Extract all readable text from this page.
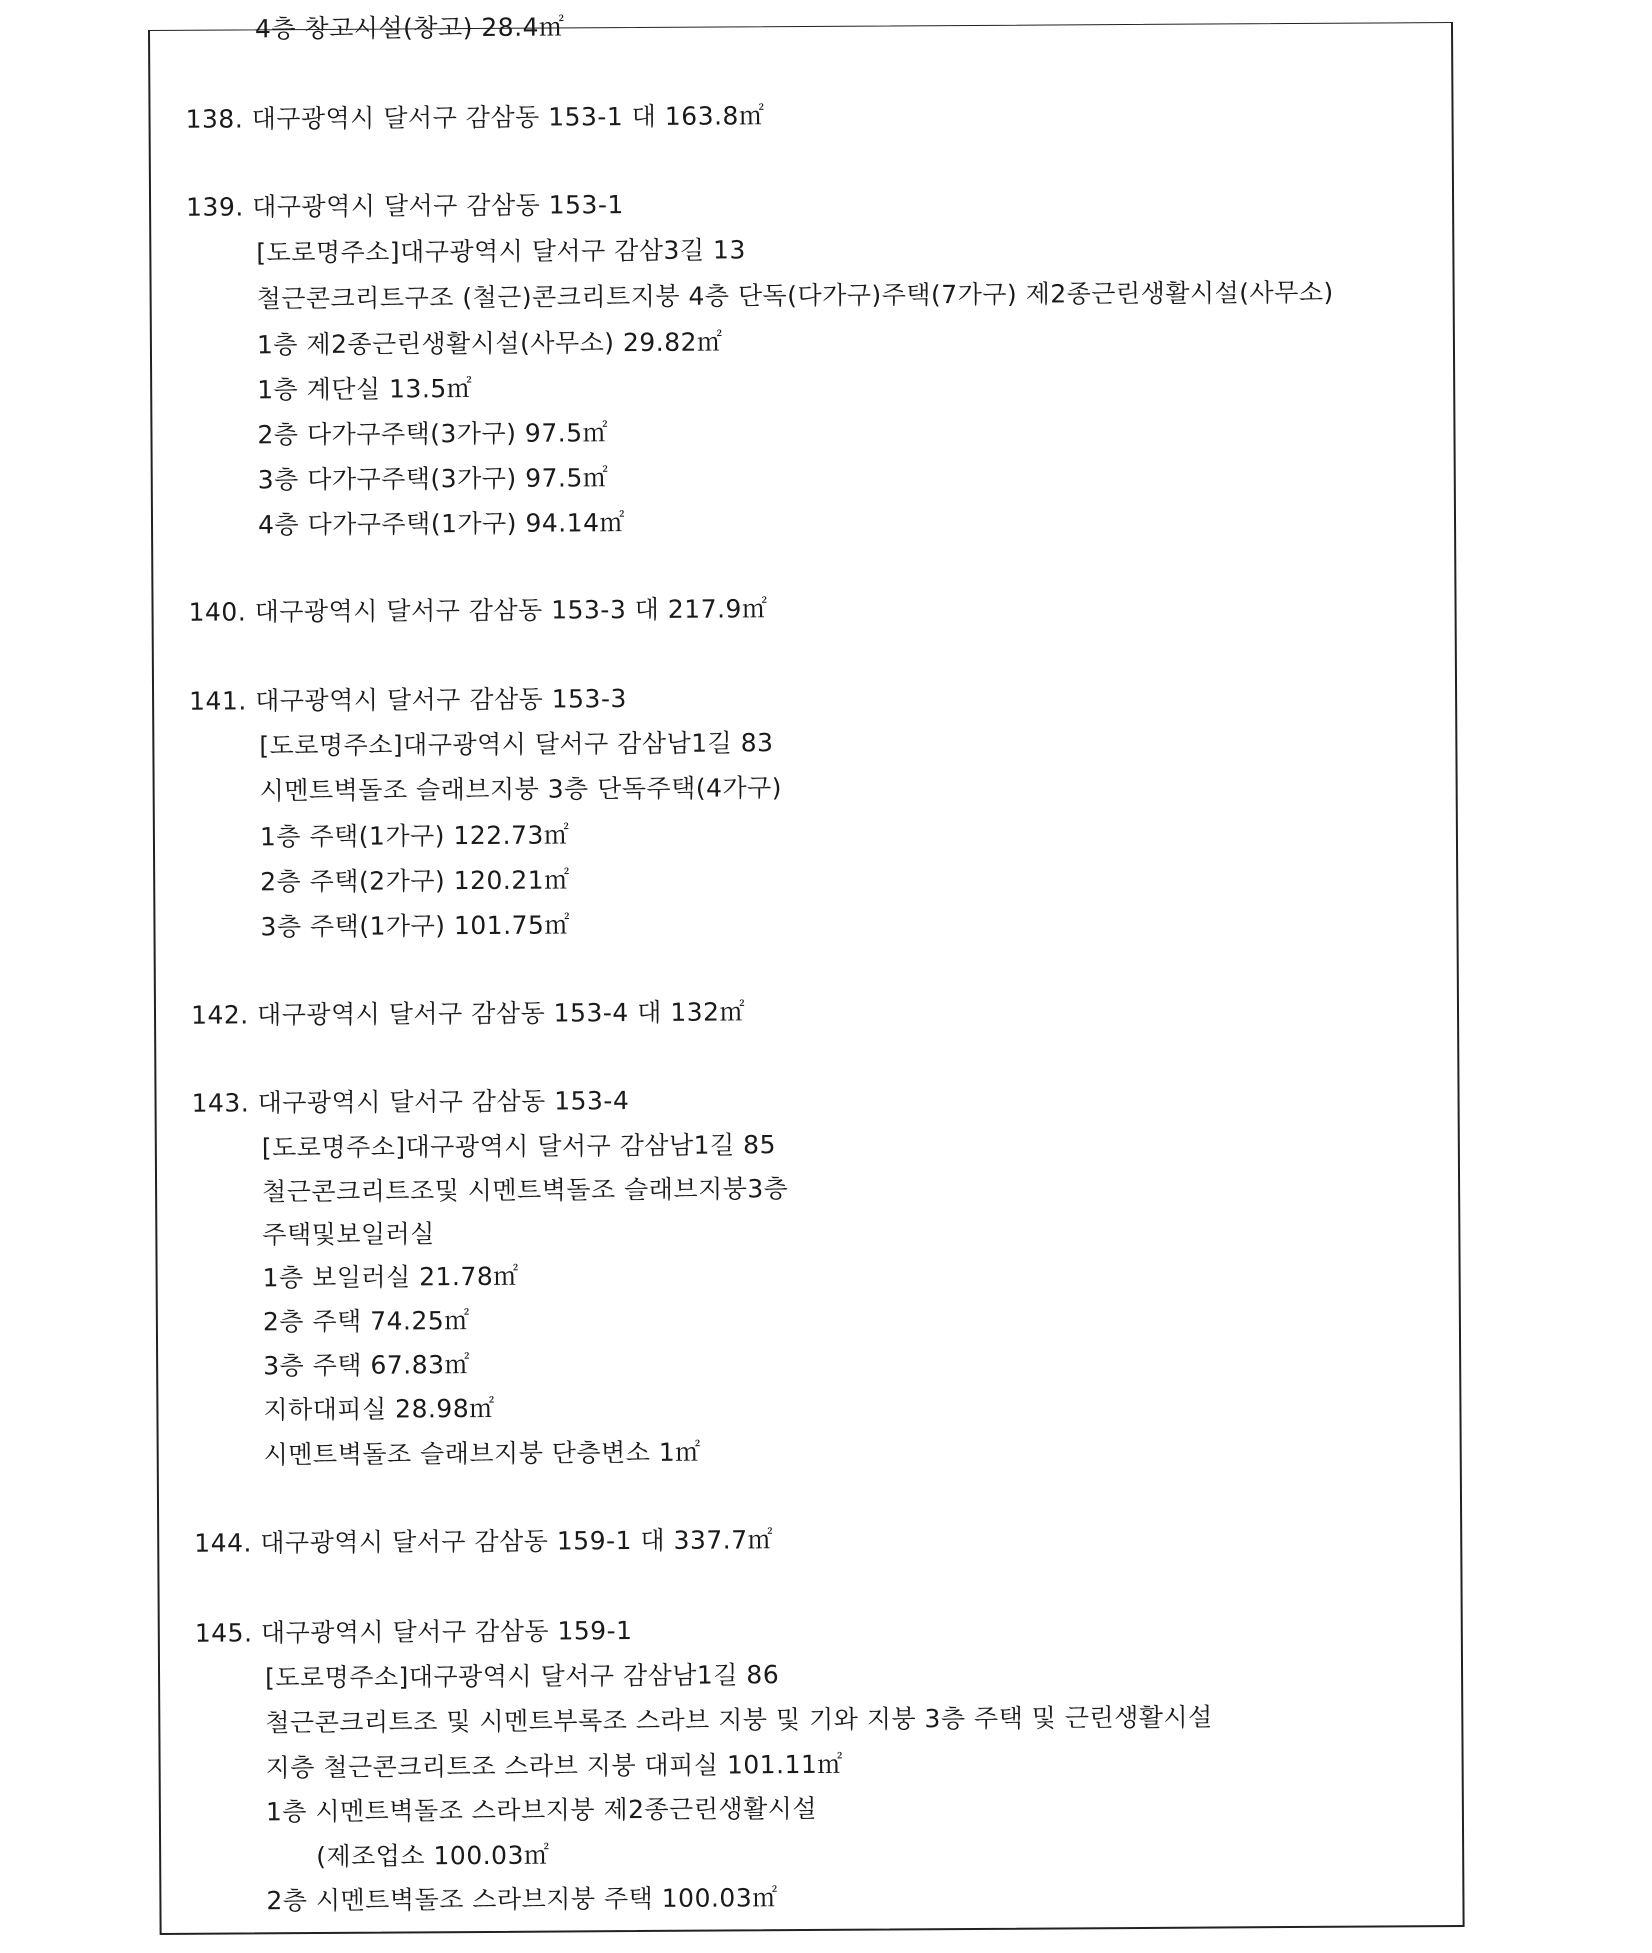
4층 창고시설(창고) 28.4㎡
138. 대구광역시 달서구 감삼동 153-1 대 163.8㎡
139. 대구광역시 달서구 감삼동 153-1
[도로명주소]대구광역시 달서구 감삼3길 13
철근콘크리트구조 (철근)콘크리트지붕 4층 단독(다가구)주택(7가구) 제2종근린생활시설(사무소)
1층 제2종근린생활시설(사무소) 29.82㎡
1층 계단실 13.5㎡
2층 다가구주택(3가구) 97.5㎡
3층 다가구주택(3가구) 97.5㎡
4층 다가구주택(1가구) 94.14㎡
140. 대구광역시 달서구 감삼동 153-3 대 217.9㎡
141. 대구광역시 달서구 감삼동 153-3
[도로명주소]대구광역시 달서구 감삼남1길 83
시멘트벽돌조 슬래브지붕 3층 단독주택(4가구)
1층 주택(1가구) 122.73㎡
2층 주택(2가구) 120.21㎡
3층 주택(1가구) 101.75㎡
142. 대구광역시 달서구 감삼동 153-4 대 132㎡
143. 대구광역시 달서구 감삼동 153-4
[도로명주소]대구광역시 달서구 감삼남1길 85
철근콘크리트조및 시멘트벽돌조 슬래브지붕3층
주택및보일러실
1층 보일러실 21.78㎡
2층 주택 74.25㎡
3층 주택 67.83㎡
지하대피실 28.98㎡
시멘트벽돌조 슬래브지붕 단층변소 1㎡
144. 대구광역시 달서구 감삼동 159-1 대 337.7㎡
145. 대구광역시 달서구 감삼동 159-1
[도로명주소]대구광역시 달서구 감삼남1길 86
철근콘크리트조 및 시멘트부록조 스라브 지붕 및 기와 지붕 3층 주택 및 근린생활시설
지층 철근콘크리트조 스라브 지붕 대피실 101.11㎡
1층 시멘트벽돌조 스라브지붕 제2종근린생활시설
(제조업소 100.03㎡
2층 시멘트벽돌조 스라브지붕 주택 100.03㎡
